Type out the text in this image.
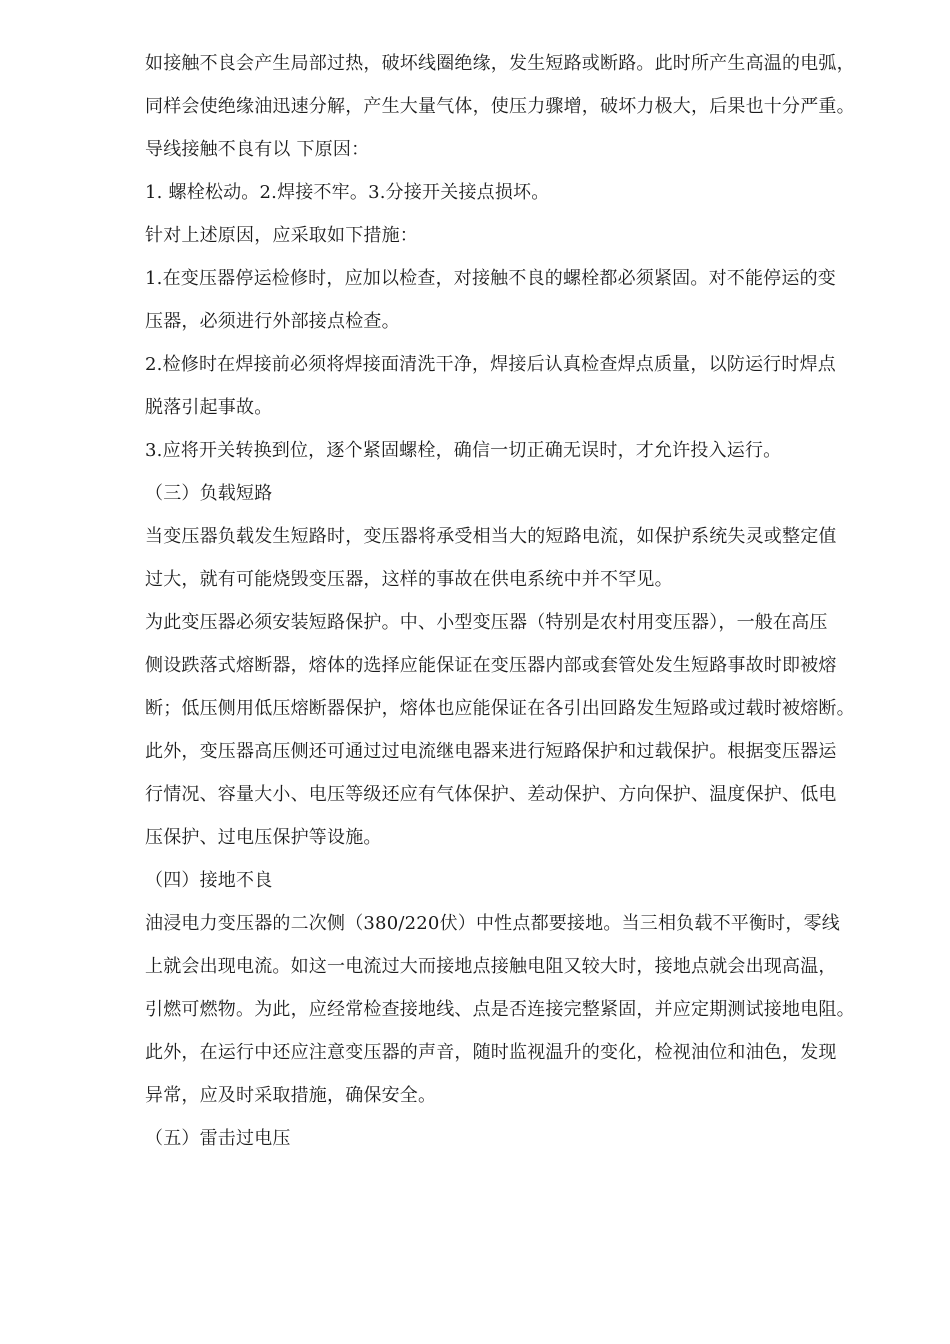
如接触不良会产生局部过热，破坏线圈绝缘，发生短路或断路。此时所产生高温的电弧，
同样会使绝缘油迅速分解，产生大量气体，使压力骤增，破坏力极大，后果也十分严重。
导线接触不良有以 下原因：
1. 螺栓松动。2.焊接不牢。3.分接开关接点损坏。
针对上述原因，应采取如下措施：
1.在变压器停运检修时，应加以检查，对接触不良的螺栓都必须紧固。对不能停运的变
压器，必须进行外部接点检查。
2.检修时在焊接前必须将焊接面清洗干净，焊接后认真检查焊点质量，以防运行时焊点
脱落引起事故。
3.应将开关转换到位，逐个紧固螺栓，确信一切正确无误时，才允许投入运行。
（三）负载短路
当变压器负载发生短路时，变压器将承受相当大的短路电流，如保护系统失灵或整定值
过大，就有可能烧毁变压器，这样的事故在供电系统中并不罕见。
为此变压器必须安装短路保护。中、小型变压器（特别是农村用变压器），一般在高压
侧设跌落式熔断器，熔体的选择应能保证在变压器内部或套管处发生短路事故时即被熔
断；低压侧用低压熔断器保护，熔体也应能保证在各引出回路发生短路或过载时被熔断。
此外，变压器高压侧还可通过过电流继电器来进行短路保护和过载保护。根据变压器运
行情况、容量大小、电压等级还应有气体保护、差动保护、方向保护、温度保护、低电
压保护、过电压保护等设施。
（四）接地不良
油浸电力变压器的二次侧（380/220伏）中性点都要接地。当三相负载不平衡时，零线
上就会出现电流。如这一电流过大而接地点接触电阻又较大时，接地点就会出现高温，
引燃可燃物。为此，应经常检查接地线、点是否连接完整紧固，并应定期测试接地电阻。
此外，在运行中还应注意变压器的声音，随时监视温升的变化，检视油位和油色，发现
异常，应及时采取措施，确保安全。
（五）雷击过电压
